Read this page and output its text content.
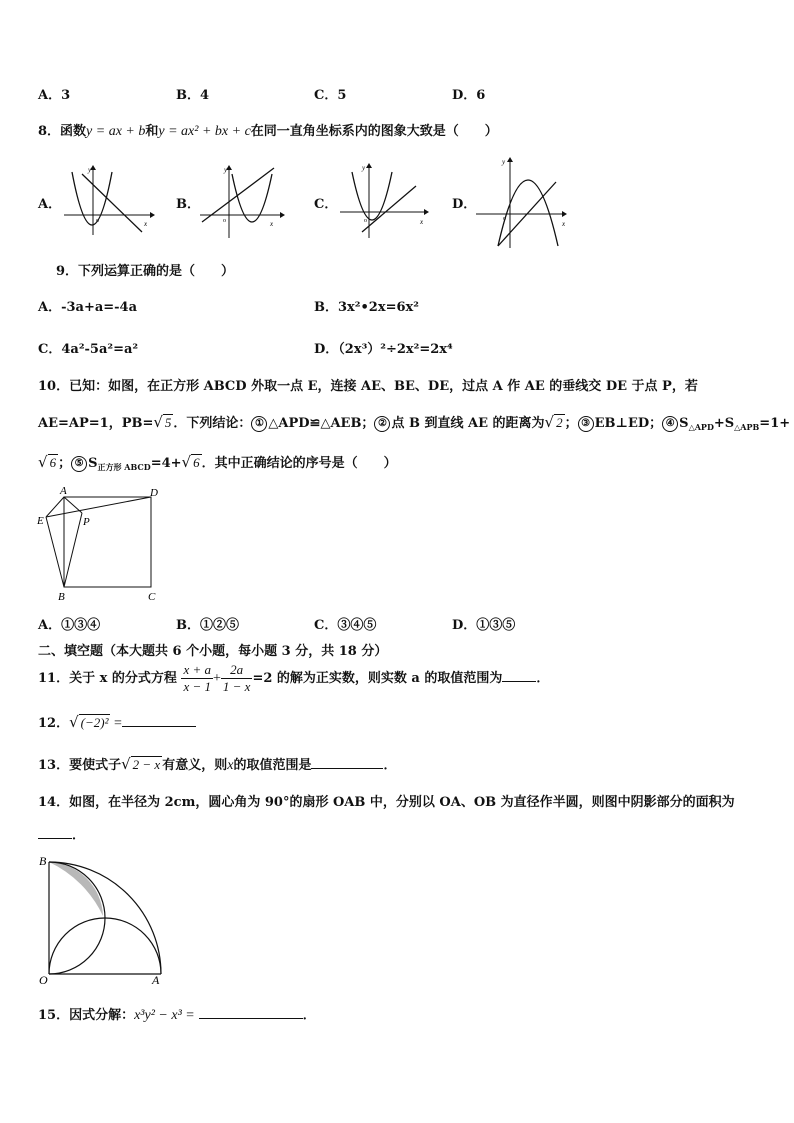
A．3	B．4	C．5	D．6
8．函数y = ax + b和y = ax² + bx + c在同一直角坐标系内的图象大致是（　　）
A．	B．	C．	D．
y
x
o
y
x
o
y
x
o
y
x
o
9．下列运算正确的是（　　）
A．-3a+a=-4a	B．3x²•2x=6x²
C．4a²-5a²=a²	D．（2x³）²÷2x²=2x⁴
10．已知：如图，在正方形 ABCD 外取一点 E，连接 AE、BE、DE，过点 A 作 AE 的垂线交 DE 于点 P，若
AE=AP=1，PB=√ 5 ．下列结论： ① △APD≌△AEB； ② 点 B 到直线 AE 的距离为√ 2 ； ③ EB⊥ED； ④ $S_{\triangle APD}+S_{\triangle APB}=1+$
√ 6 ； ⑤ $S_{正方形 ABCD}=4+√$ 6 ．其中正确结论的序号是（　　）
A	D
E	P
B	C
A．①③④	B．①②⑤	C．③④⑤	D．①③⑤
二、填空题（本大题共 6 个小题，每小题 3 分，共 18 分）
11．关于 x 的分式方程 $\frac{x + a}{x - 1} + \frac{2a}{1 - x} =2$ 的解为正实数，则实数 a 的取值范围为	．
12．√ (−2)² =
13．要使式子√ 2 − x 有意义，则x的取值范围是	．
14．如图，在半径为 2cm，圆心角为 90°的扇形 OAB 中，分别以 OA、OB 为直径作半圆，则图中阴影部分的面积为
．
B
O	A
15．因式分解：x³y² − x³ =	．
